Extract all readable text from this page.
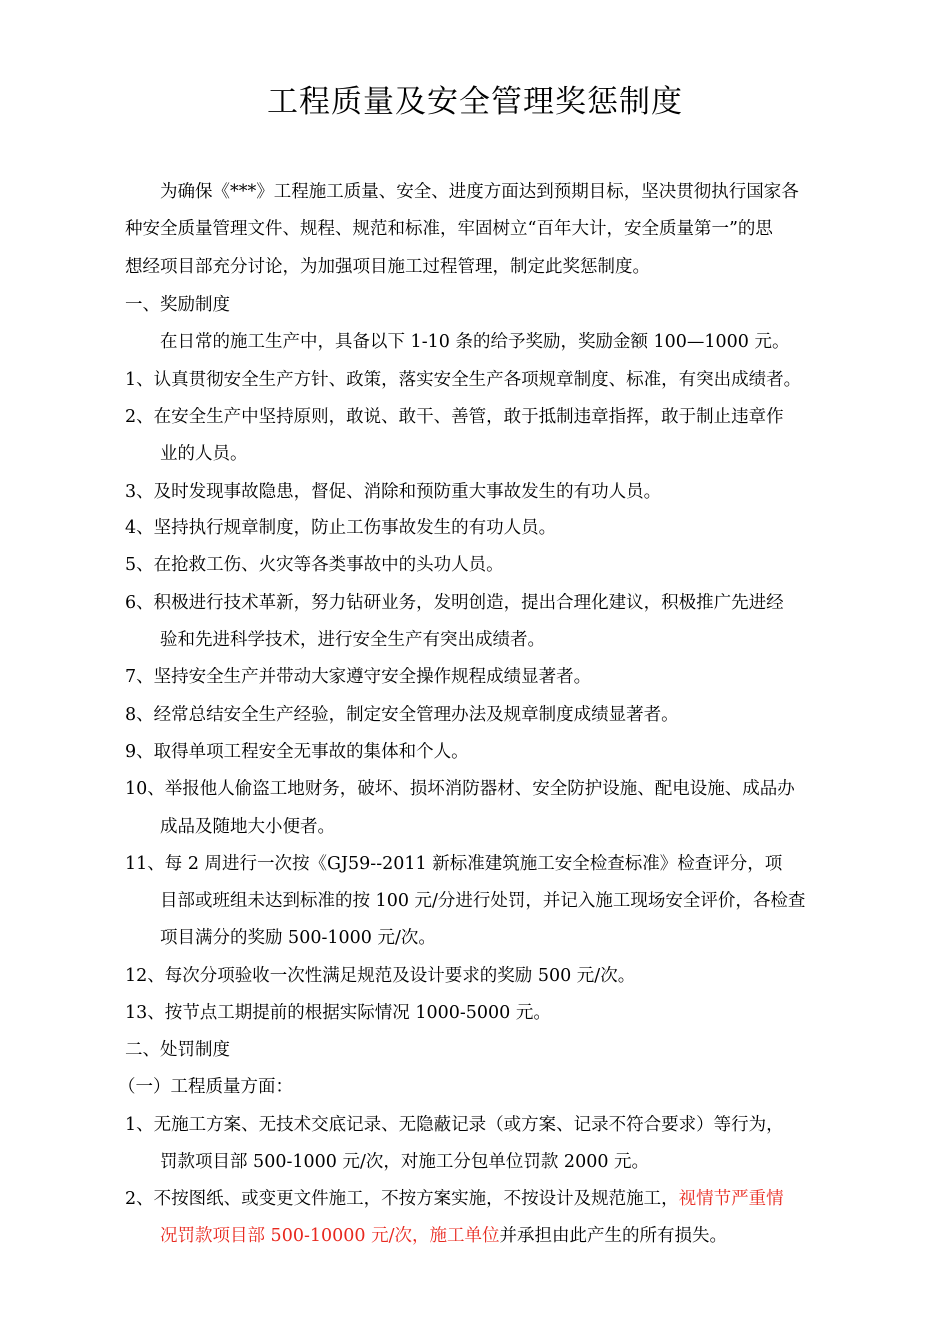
工程质量及安全管理奖惩制度
为确保《***》工程施工质量、安全、进度方面达到预期目标，坚决贯彻执行国家各
种安全质量管理文件、规程、规范和标准，牢固树立“百年大计，安全质量第一”的思
想经项目部充分讨论，为加强项目施工过程管理，制定此奖惩制度。
一、奖励制度
在日常的施工生产中，具备以下 1-10 条的给予奖励，奖励金额 100—1000 元。
1、认真贯彻安全生产方针、政策，落实安全生产各项规章制度、标准，有突出成绩者。
2、在安全生产中坚持原则，敢说、敢干、善管，敢于抵制违章指挥，敢于制止违章作
业的人员。
3、及时发现事故隐患，督促、消除和预防重大事故发生的有功人员。
4、坚持执行规章制度，防止工伤事故发生的有功人员。
5、在抢救工伤、火灾等各类事故中的头功人员。
6、积极进行技术革新，努力钻研业务，发明创造，提出合理化建议，积极推广先进经
验和先进科学技术，进行安全生产有突出成绩者。
7、坚持安全生产并带动大家遵守安全操作规程成绩显著者。
8、经常总结安全生产经验，制定安全管理办法及规章制度成绩显著者。
9、取得单项工程安全无事故的集体和个人。
10、举报他人偷盗工地财务，破坏、损坏消防器材、安全防护设施、配电设施、成品办
成品及随地大小便者。
11、每 2 周进行一次按《GJ59--2011 新标准建筑施工安全检查标准》检查评分，项
目部或班组未达到标准的按 100 元/分进行处罚，并记入施工现场安全评价，各检查
项目满分的奖励 500-1000 元/次。
12、每次分项验收一次性满足规范及设计要求的奖励 500 元/次。
13、按节点工期提前的根据实际情况 1000-5000 元。
二、处罚制度
（一）工程质量方面：
1、无施工方案、无技术交底记录、无隐蔽记录（或方案、记录不符合要求）等行为，
罚款项目部 500-1000 元/次，对施工分包单位罚款 2000 元。
2、不按图纸、或变更文件施工，不按方案实施，不按设计及规范施工，视情节严重情
况罚款项目部 500-10000 元/次，施工单位并承担由此产生的所有损失。
